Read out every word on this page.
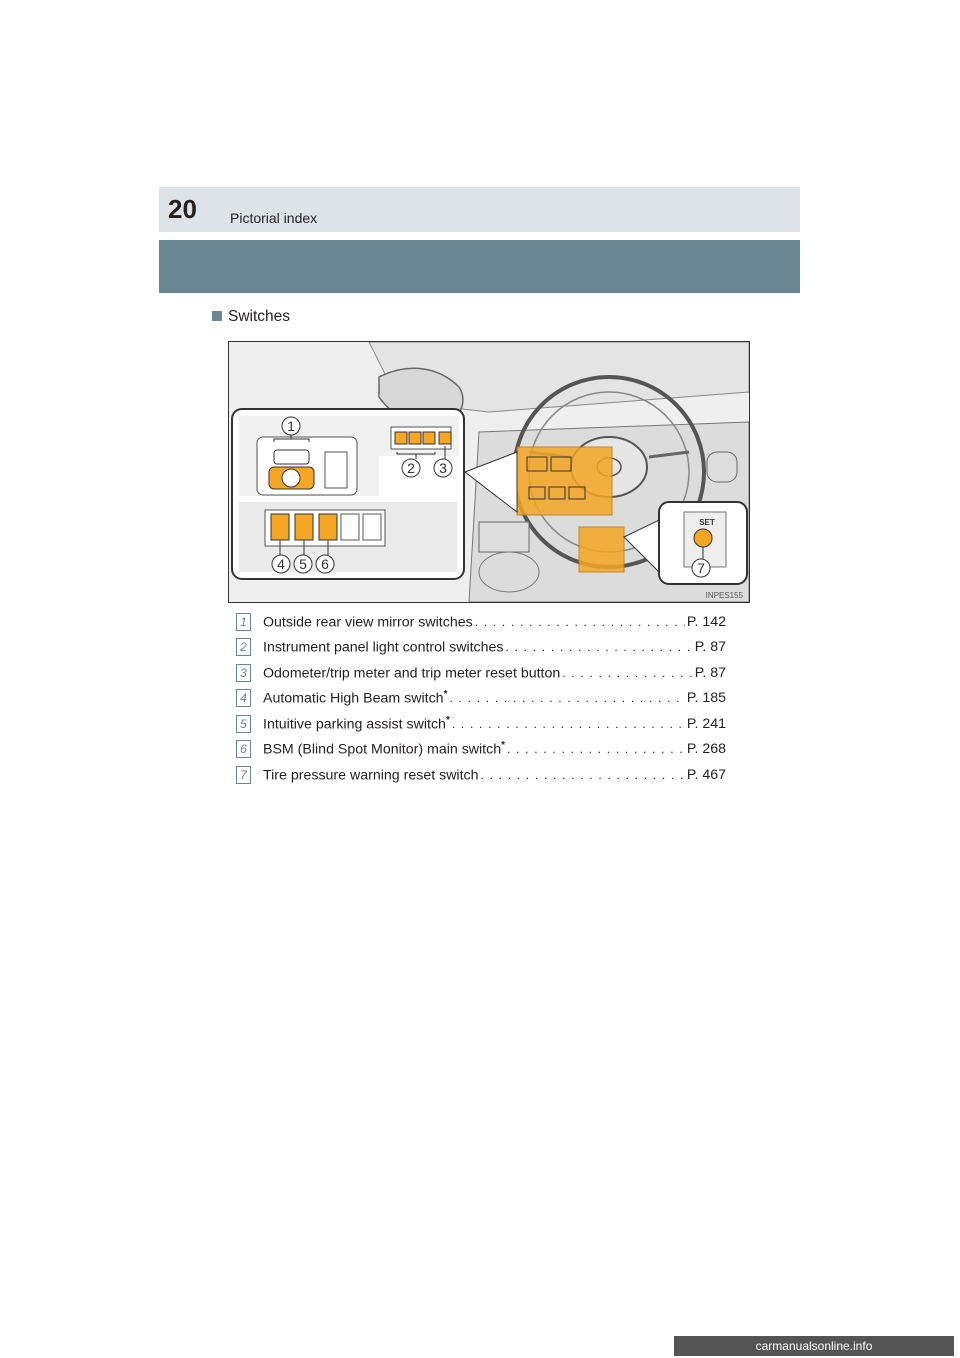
20 Pictorial index
Switches
1
2 3
4 5 6
SET
7
INPES155
1 Outside rear view mirror switches . . .	P. 142
2 Instrument panel light control switches . . .	P. 87
3 Odometer/trip meter and trip meter reset button . . .	P. 87
4 Automatic High Beam switch* . . .	P. 185
5 Intuitive parking assist switch* . . .	P. 241
6 BSM (Blind Spot Monitor) main switch* . . .	P. 268
7 Tire pressure warning reset switch . . .	P. 467
carmanualsonline.info
